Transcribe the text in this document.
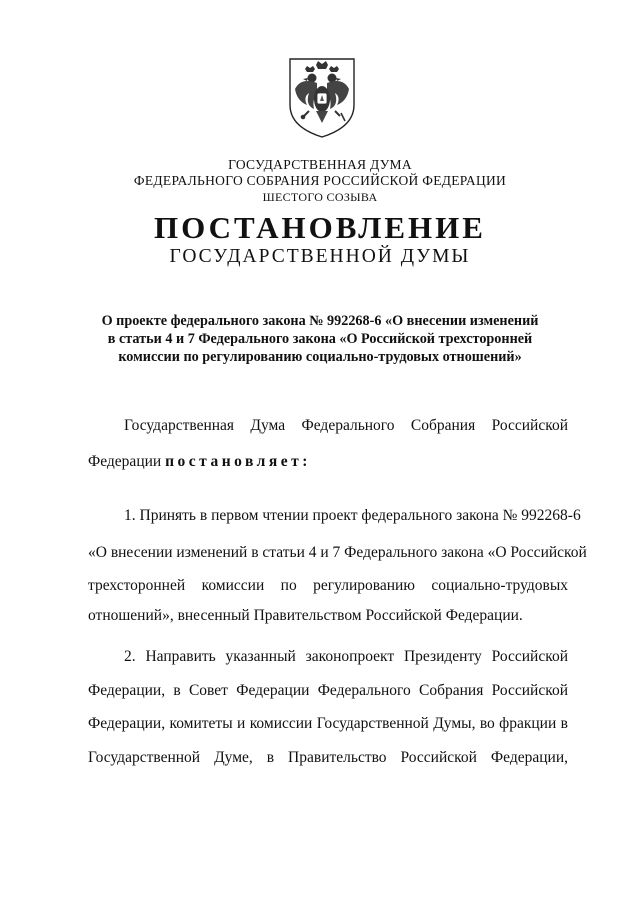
ГОСУДАРСТВЕННАЯ ДУМА
ФЕДЕРАЛЬНОГО СОБРАНИЯ РОССИЙСКОЙ ФЕДЕРАЦИИ
ШЕСТОГО СОЗЫВА
ПОСТАНОВЛЕНИЕ
ГОСУДАРСТВЕННОЙ ДУМЫ
О проекте федерального закона № 992268-6 «О внесении изменений
в статьи 4 и 7 Федерального закона «О Российской трехсторонней
комиссии по регулированию социально-трудовых отношений»
Государственная Дума Федерального Собрания Российской
Федерации постановляет:
1. Принять в первом чтении проект федерального закона № 992268-6
«О внесении изменений в статьи 4 и 7 Федерального закона «О Российской
трехсторонней комиссии по регулированию социально-трудовых
отношений», внесенный Правительством Российской Федерации.
2. Направить указанный законопроект Президенту Российской
Федерации, в Совет Федерации Федерального Собрания Российской
Федерации, комитеты и комиссии Государственной Думы, во фракции в
Государственной Думе, в Правительство Российской Федерации,
